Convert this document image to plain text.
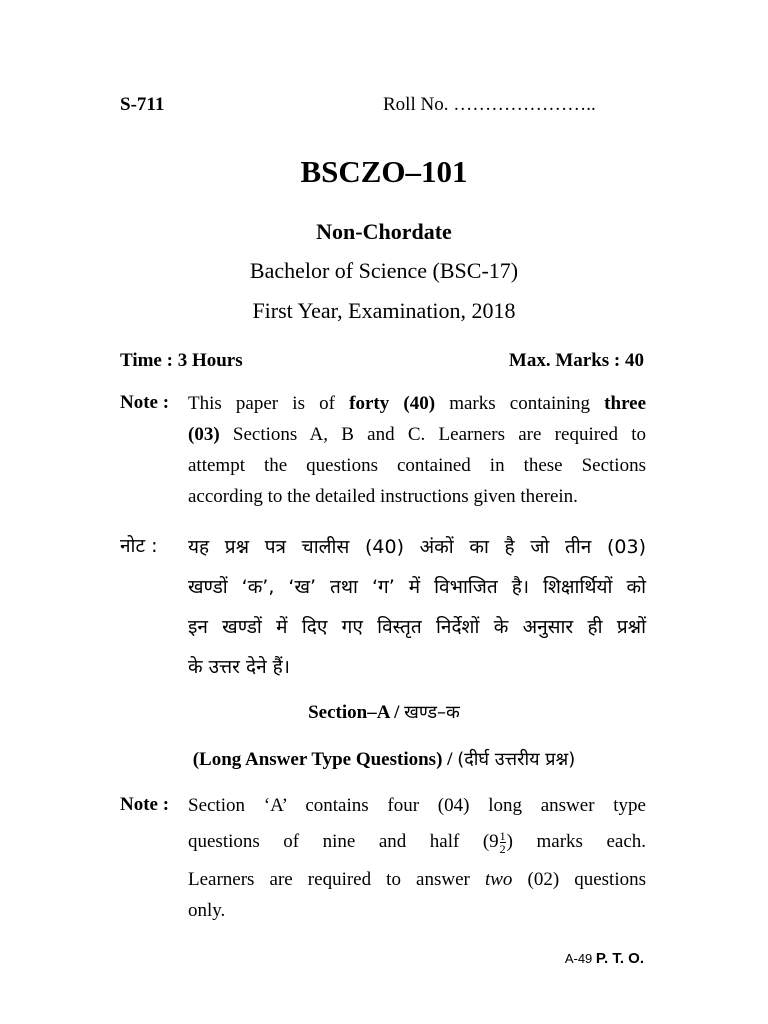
S-711	Roll No. …………………..
BSCZO–101
Non-Chordate
Bachelor of Science (BSC-17)
First Year, Examination, 2018
Time : 3 Hours	Max. Marks : 40
Note : This paper is of forty (40) marks containing three
(03) Sections A, B and C. Learners are required to
attempt the questions contained in these Sections
according to the detailed instructions given therein.
नोट : यह प्रश्न पत्र चालीस (40) अंकों का है जो तीन (03)
खण्डों ‘क’, ‘ख’ तथा ‘ग’ में विभाजित है। शिक्षार्थियों को
इन खण्डों में दिए गए विस्तृत निर्देशों के अनुसार ही प्रश्नों
के उत्तर देने हैं।
Section–A / खण्ड–क
(Long Answer Type Questions) / (दीर्घ उत्तरीय प्रश्न)
Note : Section ‘A’ contains four (04) long answer type
questions of nine and half ($9 \frac{1}{2}$ ) marks each.
Learners are required to answer two (02) questions
only.
A-49 P. T. O.
